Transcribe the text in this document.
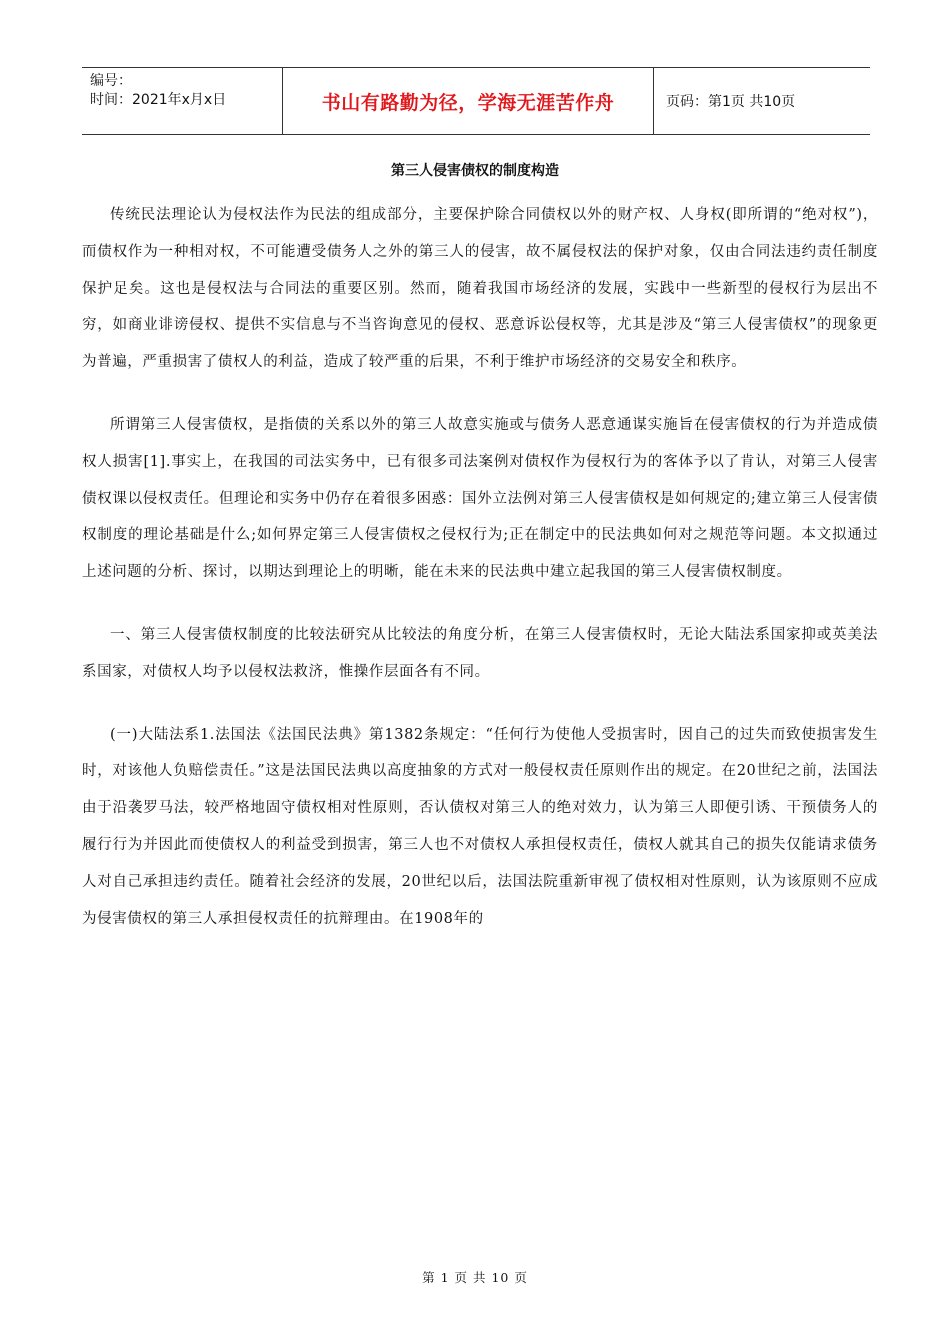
编号：
时间：2021年x月x日	书山有路勤为径，学海无涯苦作舟	页码：第1页 共10页
第三人侵害债权的制度构造

传统民法理论认为侵权法作为民法的组成部分，主要保护除合同债权以外的财产权、人身权(即所谓的“绝对权”)，而债权作为一种相对权，不可能遭受债务人之外的第三人的侵害，故不属侵权法的保护对象，仅由合同法违约责任制度保护足矣。这也是侵权法与合同法的重要区别。然而，随着我国市场经济的发展，实践中一些新型的侵权行为层出不穷，如商业诽谤侵权、提供不实信息与不当咨询意见的侵权、恶意诉讼侵权等，尤其是涉及“第三人侵害债权”的现象更为普遍，严重损害了债权人的利益，造成了较严重的后果，不利于维护市场经济的交易安全和秩序。

所谓第三人侵害债权，是指债的关系以外的第三人故意实施或与债务人恶意通谋实施旨在侵害债权的行为并造成债权人损害[1].事实上，在我国的司法实务中，已有很多司法案例对债权作为侵权行为的客体予以了肯认，对第三人侵害债权课以侵权责任。但理论和实务中仍存在着很多困惑：国外立法例对第三人侵害债权是如何规定的;建立第三人侵害债权制度的理论基础是什么;如何界定第三人侵害债权之侵权行为;正在制定中的民法典如何对之规范等问题。本文拟通过上述问题的分析、探讨，以期达到理论上的明晰，能在未来的民法典中建立起我国的第三人侵害债权制度。

一、第三人侵害债权制度的比较法研究从比较法的角度分析，在第三人侵害债权时，无论大陆法系国家抑或英美法系国家，对债权人均予以侵权法救济，惟操作层面各有不同。

(一)大陆法系1.法国法《法国民法典》第1382条规定：“任何行为使他人受损害时，因自己的过失而致使损害发生时，对该他人负赔偿责任。”这是法国民法典以高度抽象的方式对一般侵权责任原则作出的规定。在20世纪之前，法国法由于沿袭罗马法，较严格地固守债权相对性原则，否认债权对第三人的绝对效力，认为第三人即便引诱、干预债务人的履行行为并因此而使债权人的利益受到损害，第三人也不对债权人承担侵权责任，债权人就其自己的损失仅能请求债务人对自己承担违约责任。随着社会经济的发展，20世纪以后，法国法院重新审视了债权相对性原则，认为该原则不应成为侵害债权的第三人承担侵权责任的抗辩理由。在1908年的

第 1 页 共 10 页
